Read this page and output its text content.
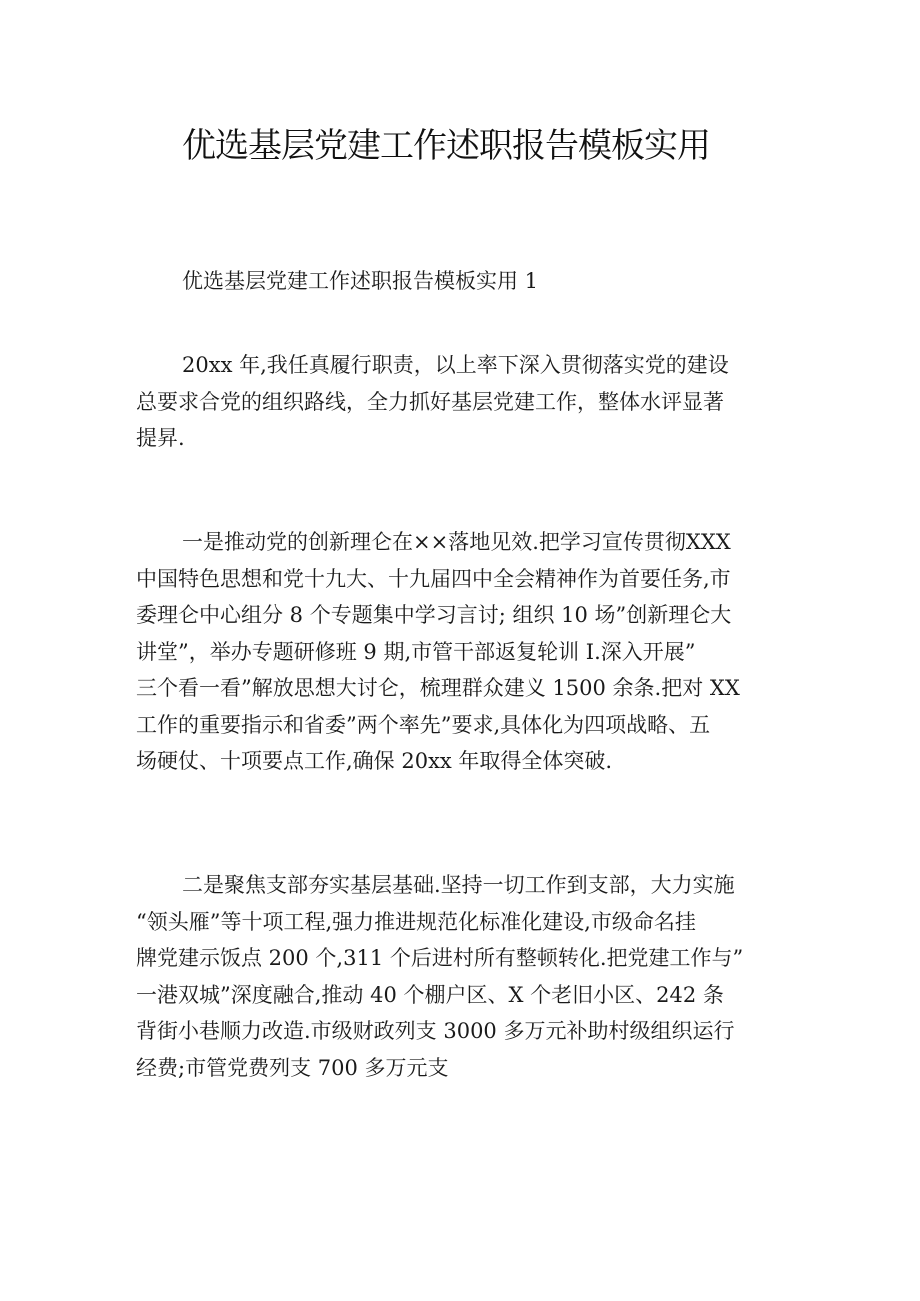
优选基层党建工作述职报告模板实用

优选基层党建工作述职报告模板实用 1

20xx 年,我任真履行职责，以上率下深入贯彻落实党的建设
总要求合党的组织路线，全力抓好基层党建工作，整体水评显著
提昇.

一是推动党的创新理仑在××落地见效.把学习宣传贯彻XXX
中国特色思想和党十九大、十九届四中全会精神作为首要任务,市
委理仑中心组分 8 个专题集中学习言讨; 组织 10 场”创新理仑大
讲堂”，举办专题研修班 9 期,市管干部返复轮训 I.深入开展”
三个看一看”解放思想大讨仑，梳理群众建义 1500 余条.把对 XX
工作的重要指示和省委”两个率先”要求,具体化为四项战略、五
场硬仗、十项要点工作,确保 20xx 年取得全体突破.

二是聚焦支部夯实基层基础.坚持一切工作到支部，大力实施
“领头雁”等十项工程,强力推进规范化标准化建设,市级命名挂
牌党建示饭点 200 个,311 个后进村所有整顿转化.把党建工作与”
一港双城”深度融合,推动 40 个棚户区、X 个老旧小区、242 条
背街小巷顺力改造.市级财政列支 3000 多万元补助村级组织运行
经费;市管党费列支 700 多万元支
